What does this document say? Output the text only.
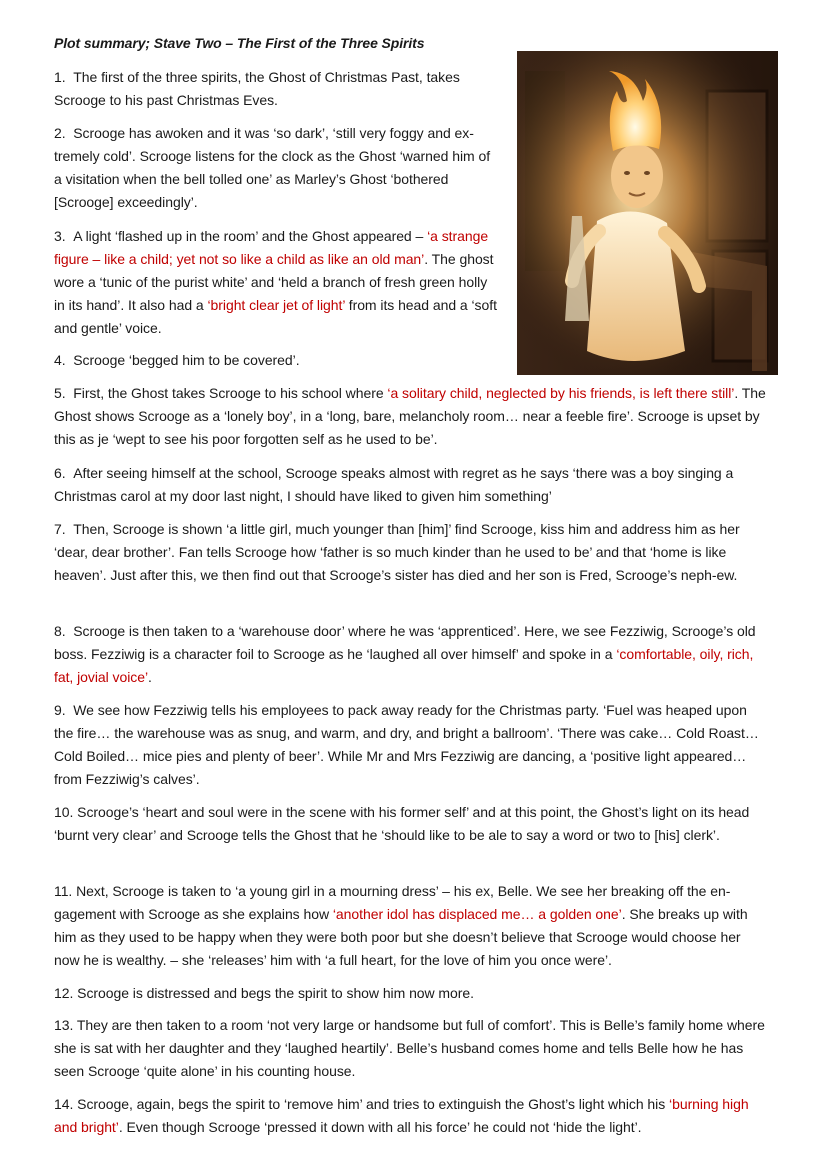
Plot summary; Stave Two – The First of the Three Spirits

1.  The first of the three spirits, the Ghost of Christmas Past, takes Scrooge to his past Christmas Eves.

2.  Scrooge has awoken and it was ‘so dark’, ‘still very foggy and ex-tremely cold’. Scrooge listens for the clock as the Ghost ‘warned him of a visitation when the bell tolled one’ as Marley’s Ghost ‘bothered [Scrooge] exceedingly’.

3.  A light ‘flashed up in the room’ and the Ghost appeared – ‘a strange figure – like a child; yet not so like a child as like an old man’. The ghost wore a ‘tunic of the purist white’ and ‘held a branch of fresh green holly in its hand’. It also had a ‘bright clear jet of light’ from its head and a ‘soft and gentle’ voice.

4.  Scrooge ‘begged him to be covered’.

5.  First, the Ghost takes Scrooge to his school where ‘a solitary child, neglected by his friends, is left there still’. The Ghost shows Scrooge as a ‘lonely boy’, in a ‘long, bare, melancholy room… near a feeble fire’. Scrooge is upset by this as je ‘wept to see his poor forgotten self as he used to be’.

6.  After seeing himself at the school, Scrooge speaks almost with regret as he says ‘there was a boy singing a Christmas carol at my door last night, I should have liked to given him something’

7.  Then, Scrooge is shown ‘a little girl, much younger than [him]’ find Scrooge, kiss him and address him as her ‘dear, dear brother’. Fan tells Scrooge how ‘father is so much kinder than he used to be’ and that ‘home is like heaven’. Just after this, we then find out that Scrooge’s sister has died and her son is Fred, Scrooge’s neph-ew.

8.  Scrooge is then taken to a ‘warehouse door’ where he was ‘apprenticed’. Here, we see Fezziwig, Scrooge’s old boss. Fezziwig is a character foil to Scrooge as he ‘laughed all over himself’ and spoke in a ‘comfortable, oily, rich, fat, jovial voice’.

9.  We see how Fezziwig tells his employees to pack away ready for the Christmas party. ‘Fuel was heaped upon the fire… the warehouse was as snug, and warm, and dry, and bright a ballroom’. ‘There was cake… Cold Roast… Cold Boiled… mice pies and plenty of beer’. While Mr and Mrs Fezziwig are dancing, a ‘positive light appeared… from Fezziwig’s calves’.

10. Scrooge’s ‘heart and soul were in the scene with his former self’ and at this point, the Ghost’s light on its head ‘burnt very clear’ and Scrooge tells the Ghost that he ‘should like to be ale to say a word or two to [his] clerk’.

11. Next, Scrooge is taken to ‘a young girl in a mourning dress’ – his ex, Belle. We see her breaking off the en-gagement with Scrooge as she explains how ‘another idol has displaced me… a golden one’. She breaks up with him as they used to be happy when they were both poor but she doesn’t believe that Scrooge would choose her now he is wealthy. – she ‘releases’ him with ‘a full heart, for the love of him you once were’.

12. Scrooge is distressed and begs the spirit to show him now more.

13. They are then taken to a room ‘not very large or handsome but full of comfort’. This is Belle’s family home where she is sat with her daughter and they ‘laughed heartily’. Belle’s husband comes home and tells Belle how he has seen Scrooge ‘quite alone’ in his counting house.

14. Scrooge, again, begs the spirit to ‘remove him’ and tries to extinguish the Ghost’s light which his ‘burning high and bright’. Even though Scrooge ‘pressed it down with all his force’ he could not ‘hide the light’.
